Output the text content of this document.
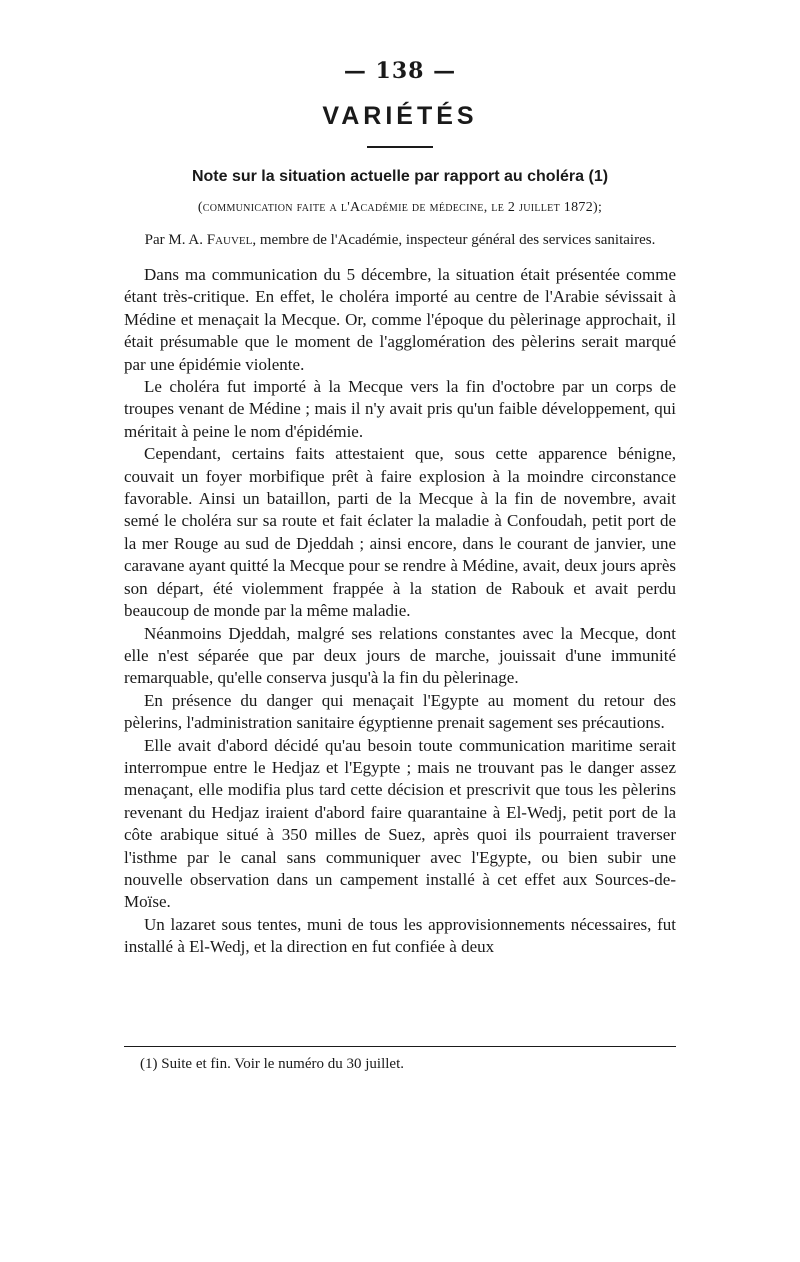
— 138 —
VARIÉTÉS
Note sur la situation actuelle par rapport au choléra (1)
(communication faite a l'Académie de médecine, le 2 juillet 1872);
Par M. A. Fauvel, membre de l'Académie, inspecteur général des services sanitaires.

Dans ma communication du 5 décembre, la situation était présentée comme étant très-critique. En effet, le choléra importé au centre de l'Arabie sévissait à Médine et menaçait la Mecque. Or, comme l'époque du pèlerinage approchait, il était présumable que le moment de l'agglomération des pèlerins serait marqué par une épidémie violente.

Le choléra fut importé à la Mecque vers la fin d'octobre par un corps de troupes venant de Médine ; mais il n'y avait pris qu'un faible développement, qui méritait à peine le nom d'épidémie.

Cependant, certains faits attestaient que, sous cette apparence bénigne, couvait un foyer morbifique prêt à faire explosion à la moindre circonstance favorable. Ainsi un bataillon, parti de la Mecque à la fin de novembre, avait semé le choléra sur sa route et fait éclater la maladie à Confoudah, petit port de la mer Rouge au sud de Djeddah ; ainsi encore, dans le courant de janvier, une caravane ayant quitté la Mecque pour se rendre à Médine, avait, deux jours après son départ, été violemment frappée à la station de Rabouk et avait perdu beaucoup de monde par la même maladie.

Néanmoins Djeddah, malgré ses relations constantes avec la Mecque, dont elle n'est séparée que par deux jours de marche, jouissait d'une immunité remarquable, qu'elle conserva jusqu'à la fin du pèlerinage.

En présence du danger qui menaçait l'Egypte au moment du retour des pèlerins, l'administration sanitaire égyptienne prenait sagement ses précautions.

Elle avait d'abord décidé qu'au besoin toute communication maritime serait interrompue entre le Hedjaz et l'Egypte ; mais ne trouvant pas le danger assez menaçant, elle modifia plus tard cette décision et prescrivit que tous les pèlerins revenant du Hedjaz iraient d'abord faire quarantaine à El-Wedj, petit port de la côte arabique situé à 350 milles de Suez, après quoi ils pourraient traverser l'isthme par le canal sans communiquer avec l'Egypte, ou bien subir une nouvelle observation dans un campement installé à cet effet aux Sources-de-Moïse.

Un lazaret sous tentes, muni de tous les approvisionnements nécessaires, fut installé à El-Wedj, et la direction en fut confiée à deux

(1) Suite et fin. Voir le numéro du 30 juillet.
